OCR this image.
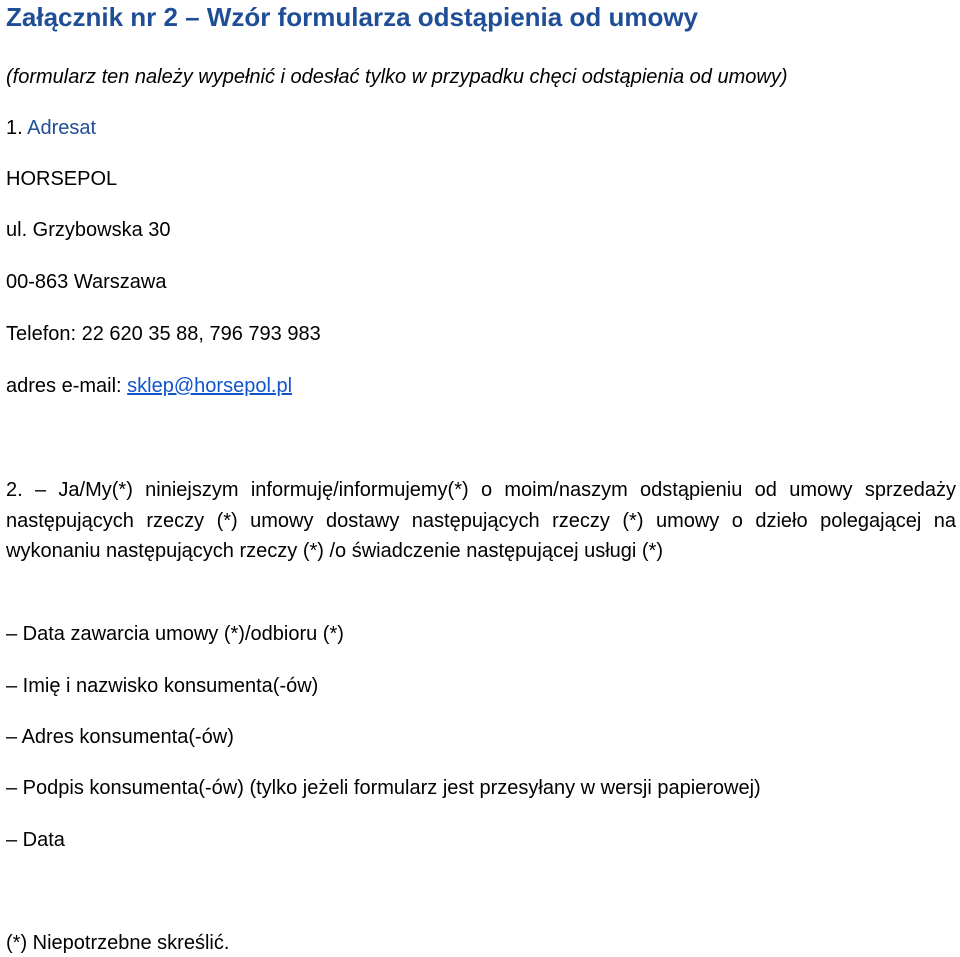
Załącznik nr 2 – Wzór formularza odstąpienia od umowy
(formularz ten należy wypełnić i odesłać tylko w przypadku chęci odstąpienia od umowy)
1. Adresat
HORSEPOL
ul. Grzybowska 30
00-863 Warszawa
Telefon: 22 620 35 88, 796 793 983
adres e-mail: sklep@horsepol.pl

2. – Ja/My(*) niniejszym informuję/informujemy(*) o moim/naszym odstąpieniu od umowy sprzedaży następujących rzeczy (*) umowy dostawy następujących rzeczy (*) umowy o dzieło polegającej na wykonaniu następujących rzeczy (*) /o świadczenie następującej usługi (*)

– Data zawarcia umowy (*)/odbioru (*)
– Imię i nazwisko konsumenta(-ów)
– Adres konsumenta(-ów)
– Podpis konsumenta(-ów) (tylko jeżeli formularz jest przesyłany w wersji papierowej)
– Data
(*) Niepotrzebne skreślić.
